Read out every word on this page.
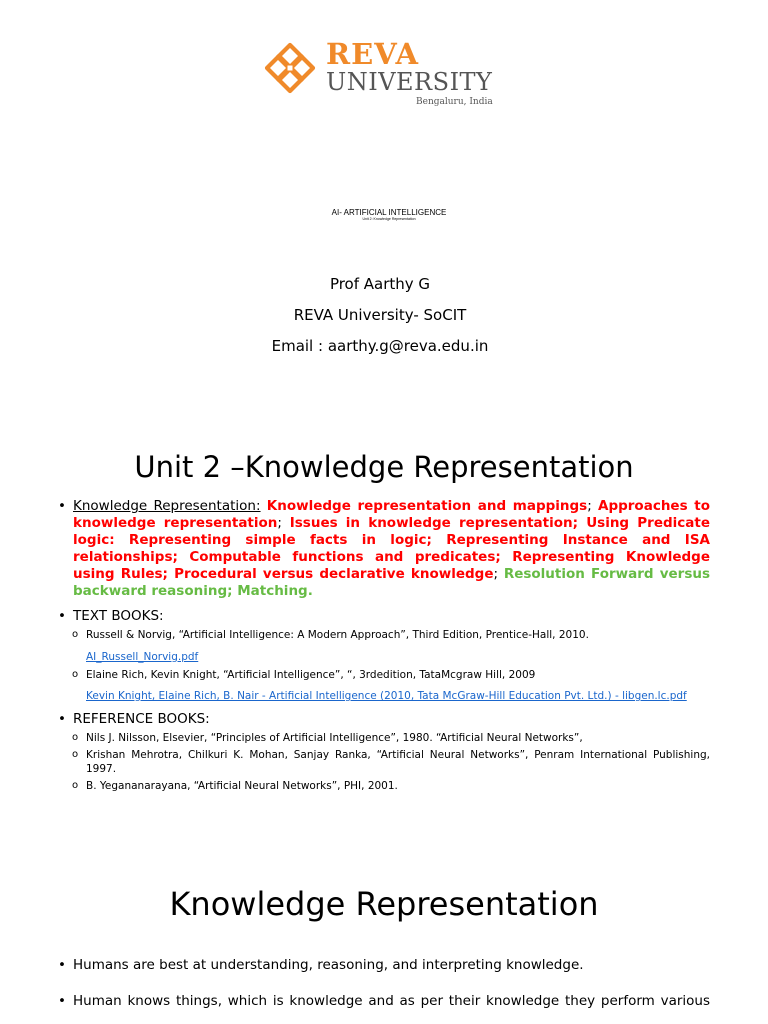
REVA
UNIVERSITY
Bengaluru, India
AI- ARTIFICIAL INTELLIGENCE
Unit 2: Knowledge Representation
Prof Aarthy G
REVA University- SoCIT
Email : aarthy.g@reva.edu.in
Unit 2 –Knowledge Representation
• Knowledge Representation: Knowledge representation and mappings; Approaches to knowledge representation; Issues in knowledge representation; Using Predicate logic: Representing simple facts in logic; Representing Instance and ISA relationships; Computable functions and predicates; Representing Knowledge using Rules; Procedural versus declarative knowledge; Resolution Forward versus backward reasoning; Matching.
• TEXT BOOKS:
o Russell & Norvig, “Artificial Intelligence: A Modern Approach”, Third Edition, Prentice-Hall, 2010.
AI_Russell_Norvig.pdf
o Elaine Rich, Kevin Knight, “Artificial Intelligence”, “, 3rdedition, TataMcgraw Hill, 2009
Kevin Knight, Elaine Rich, B. Nair - Artificial Intelligence (2010, Tata McGraw-Hill Education Pvt. Ltd.) - libgen.lc.pdf
• REFERENCE BOOKS:
o Nils J. Nilsson, Elsevier, “Principles of Artificial Intelligence”, 1980. “Artificial Neural Networks”,
o Krishan Mehrotra, Chilkuri K. Mohan, Sanjay Ranka, “Artificial Neural Networks”, Penram International Publishing, 1997.
o B. Yegananarayana, “Artificial Neural Networks”, PHI, 2001.
Knowledge Representation
• Humans are best at understanding, reasoning, and interpreting knowledge.
• Human knows things, which is knowledge and as per their knowledge they perform various
